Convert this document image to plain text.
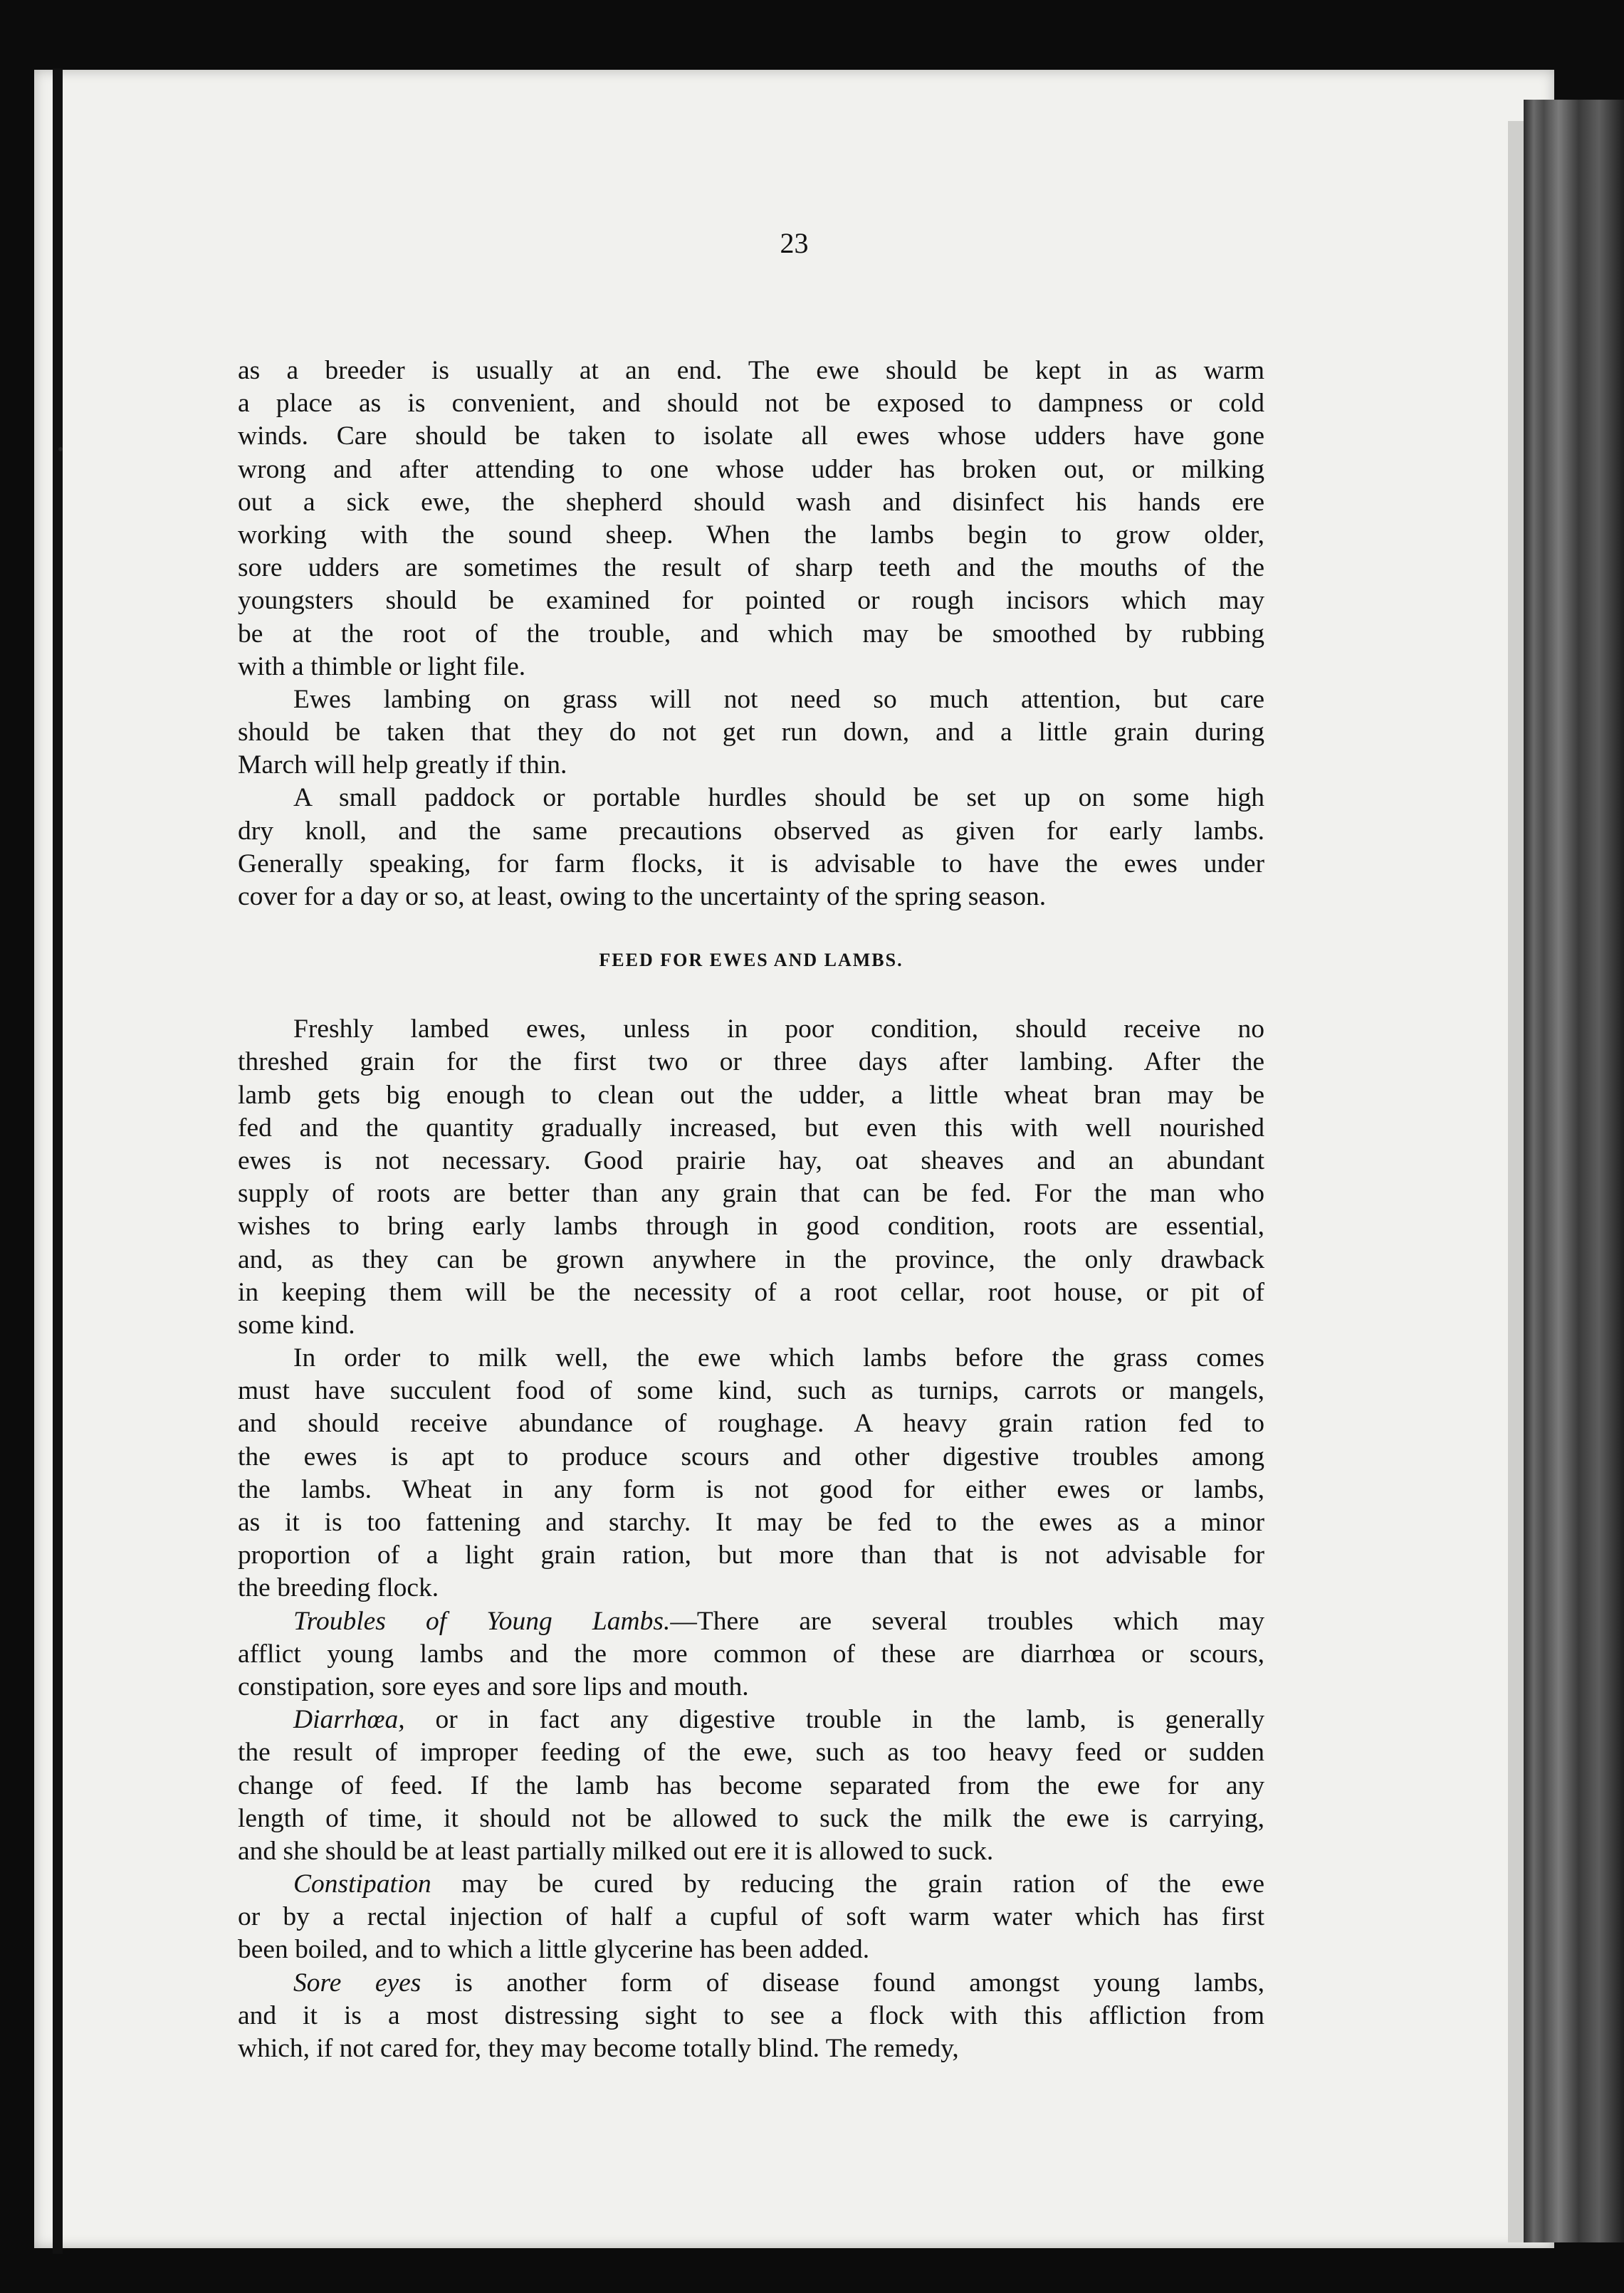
23
as a breeder is usually at an end. The ewe should be kept in as warm
a place as is convenient, and should not be exposed to dampness or cold
winds. Care should be taken to isolate all ewes whose udders have gone
wrong and after attending to one whose udder has broken out, or milking
out a sick ewe, the shepherd should wash and disinfect his hands ere
working with the sound sheep. When the lambs begin to grow older,
sore udders are sometimes the result of sharp teeth and the mouths of the
youngsters should be examined for pointed or rough incisors which may
be at the root of the trouble, and which may be smoothed by rubbing
with a thimble or light file.
Ewes lambing on grass will not need so much attention, but care
should be taken that they do not get run down, and a little grain during
March will help greatly if thin.
A small paddock or portable hurdles should be set up on some high
dry knoll, and the same precautions observed as given for early lambs.
Generally speaking, for farm flocks, it is advisable to have the ewes under
cover for a day or so, at least, owing to the uncertainty of the spring season.
FEED FOR EWES AND LAMBS.
Freshly lambed ewes, unless in poor condition, should receive no
threshed grain for the first two or three days after lambing. After the
lamb gets big enough to clean out the udder, a little wheat bran may be
fed and the quantity gradually increased, but even this with well nourished
ewes is not necessary. Good prairie hay, oat sheaves and an abundant
supply of roots are better than any grain that can be fed. For the man who
wishes to bring early lambs through in good condition, roots are essential,
and, as they can be grown anywhere in the province, the only drawback
in keeping them will be the necessity of a root cellar, root house, or pit of
some kind.
In order to milk well, the ewe which lambs before the grass comes
must have succulent food of some kind, such as turnips, carrots or mangels,
and should receive abundance of roughage. A heavy grain ration fed to
the ewes is apt to produce scours and other digestive troubles among
the lambs. Wheat in any form is not good for either ewes or lambs,
as it is too fattening and starchy. It may be fed to the ewes as a minor
proportion of a light grain ration, but more than that is not advisable for
the breeding flock.
Troubles of Young Lambs.—There are several troubles which may
afflict young lambs and the more common of these are diarrhœa or scours,
constipation, sore eyes and sore lips and mouth.
Diarrhœa, or in fact any digestive trouble in the lamb, is generally
the result of improper feeding of the ewe, such as too heavy feed or sudden
change of feed. If the lamb has become separated from the ewe for any
length of time, it should not be allowed to suck the milk the ewe is carrying,
and she should be at least partially milked out ere it is allowed to suck.
Constipation may be cured by reducing the grain ration of the ewe
or by a rectal injection of half a cupful of soft warm water which has first
been boiled, and to which a little glycerine has been added.
Sore eyes is another form of disease found amongst young lambs,
and it is a most distressing sight to see a flock with this affliction from
which, if not cared for, they may become totally blind. The remedy,
